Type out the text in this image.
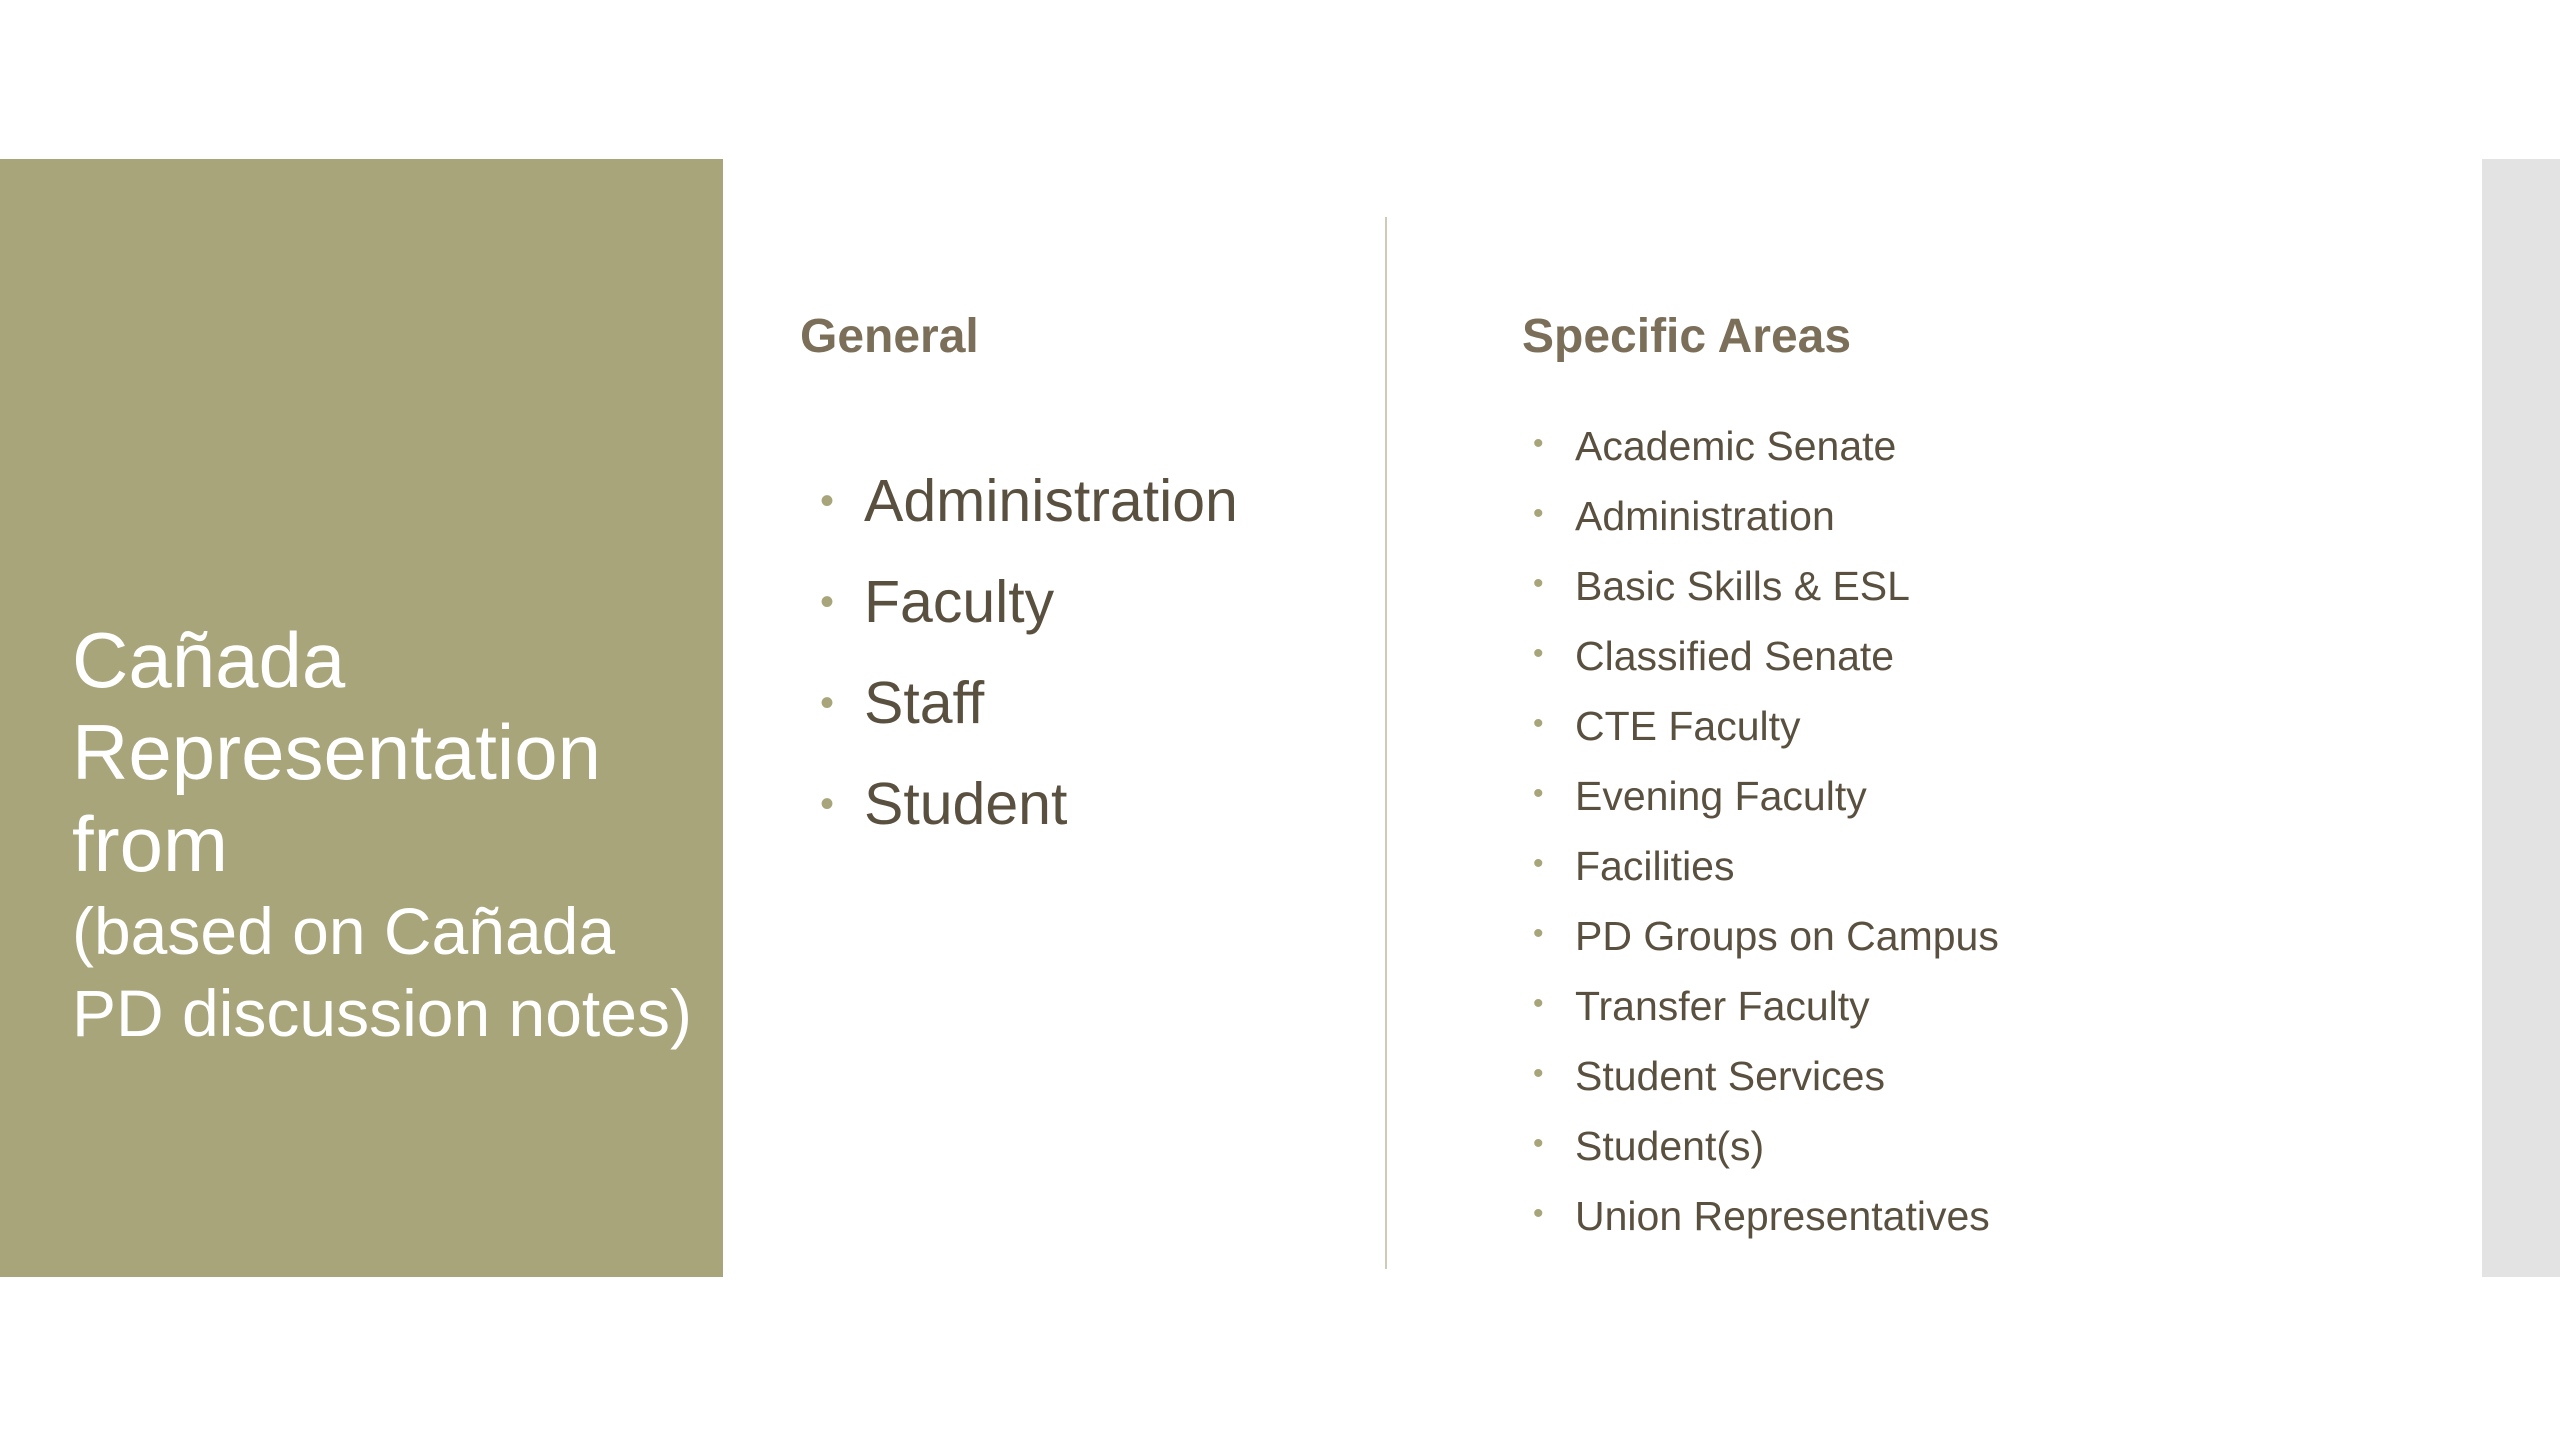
Cañada Representation from
(based on Cañada PD discussion notes)
General
• Administration
• Faculty
• Staff
• Student
Specific Areas
• Academic Senate
• Administration
• Basic Skills & ESL
• Classified Senate
• CTE Faculty
• Evening Faculty
• Facilities
• PD Groups on Campus
• Transfer Faculty
• Student Services
• Student(s)
• Union Representatives
